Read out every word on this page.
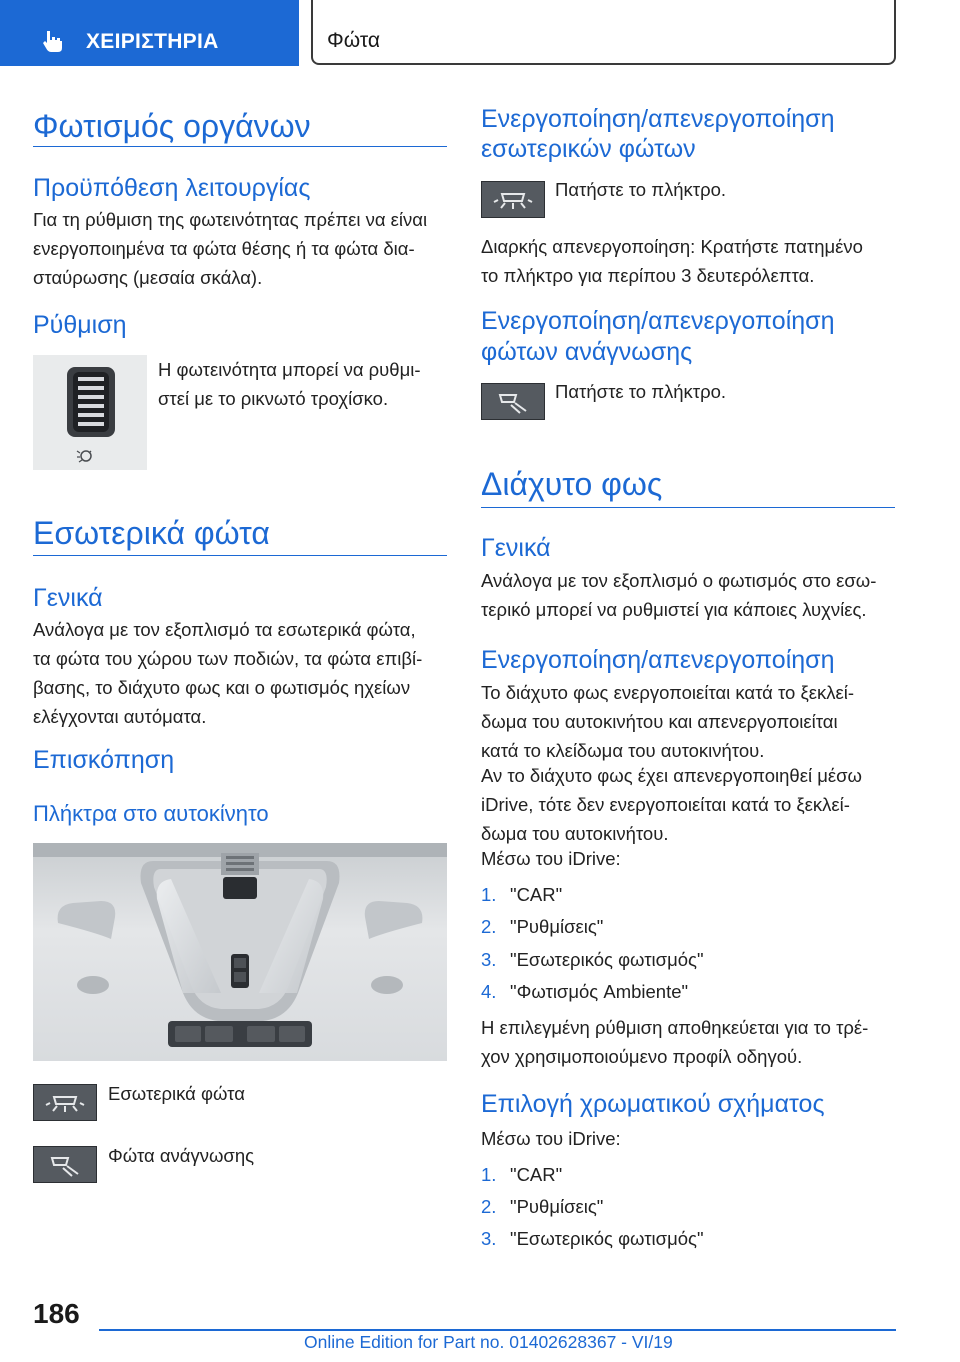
ΧΕΙΡΙΣΤΗΡΙΑ	Φώτα
Φωτισμός οργάνων
Προϋπόθεση λειτουργίας
Για τη ρύθμιση της φωτεινότητας πρέπει να είναι
ενεργοποιημένα τα φώτα θέσης ή τα φώτα δια-
σταύρωσης (μεσαία σκάλα).
Ρύθμιση
Η φωτεινότητα μπορεί να ρυθμι-
στεί με το ρικνωτό τροχίσκο.
Εσωτερικά φώτα
Γενικά
Ανάλογα με τον εξοπλισμό τα εσωτερικά φώτα,
τα φώτα του χώρου των ποδιών, τα φώτα επιβί-
βασης, το διάχυτο φως και ο φωτισμός ηχείων
ελέγχονται αυτόματα.
Επισκόπηση
Πλήκτρα στο αυτοκίνητο
Εσωτερικά φώτα
Φώτα ανάγνωσης
Ενεργοποίηση/απενεργοποίηση
εσωτερικών φώτων
Πατήστε το πλήκτρο.
Διαρκής απενεργοποίηση: Κρατήστε πατημένο
το πλήκτρο για περίπου 3 δευτερόλεπτα.
Ενεργοποίηση/απενεργοποίηση
φώτων ανάγνωσης
Πατήστε το πλήκτρο.
Διάχυτο φως
Γενικά
Ανάλογα με τον εξοπλισμό ο φωτισμός στο εσω-
τερικό μπορεί να ρυθμιστεί για κάποιες λυχνίες.
Ενεργοποίηση/απενεργοποίηση
Το διάχυτο φως ενεργοποιείται κατά το ξεκλεί-
δωμα του αυτοκινήτου και απενεργοποιείται
κατά το κλείδωμα του αυτοκινήτου.
Αν το διάχυτο φως έχει απενεργοποιηθεί μέσω
iDrive, τότε δεν ενεργοποιείται κατά το ξεκλεί-
δωμα του αυτοκινήτου.
Μέσω του iDrive:
1. "CAR"
2. "Ρυθμίσεις"
3. "Εσωτερικός φωτισμός"
4. "Φωτισμός Ambiente"
Η επιλεγμένη ρύθμιση αποθηκεύεται για το τρέ-
χον χρησιμοποιούμενο προφίλ οδηγού.
Επιλογή χρωματικού σχήματος
Μέσω του iDrive:
1. "CAR"
2. "Ρυθμίσεις"
3. "Εσωτερικός φωτισμός"
186
Online Edition for Part no. 01402628367 - VI/19
